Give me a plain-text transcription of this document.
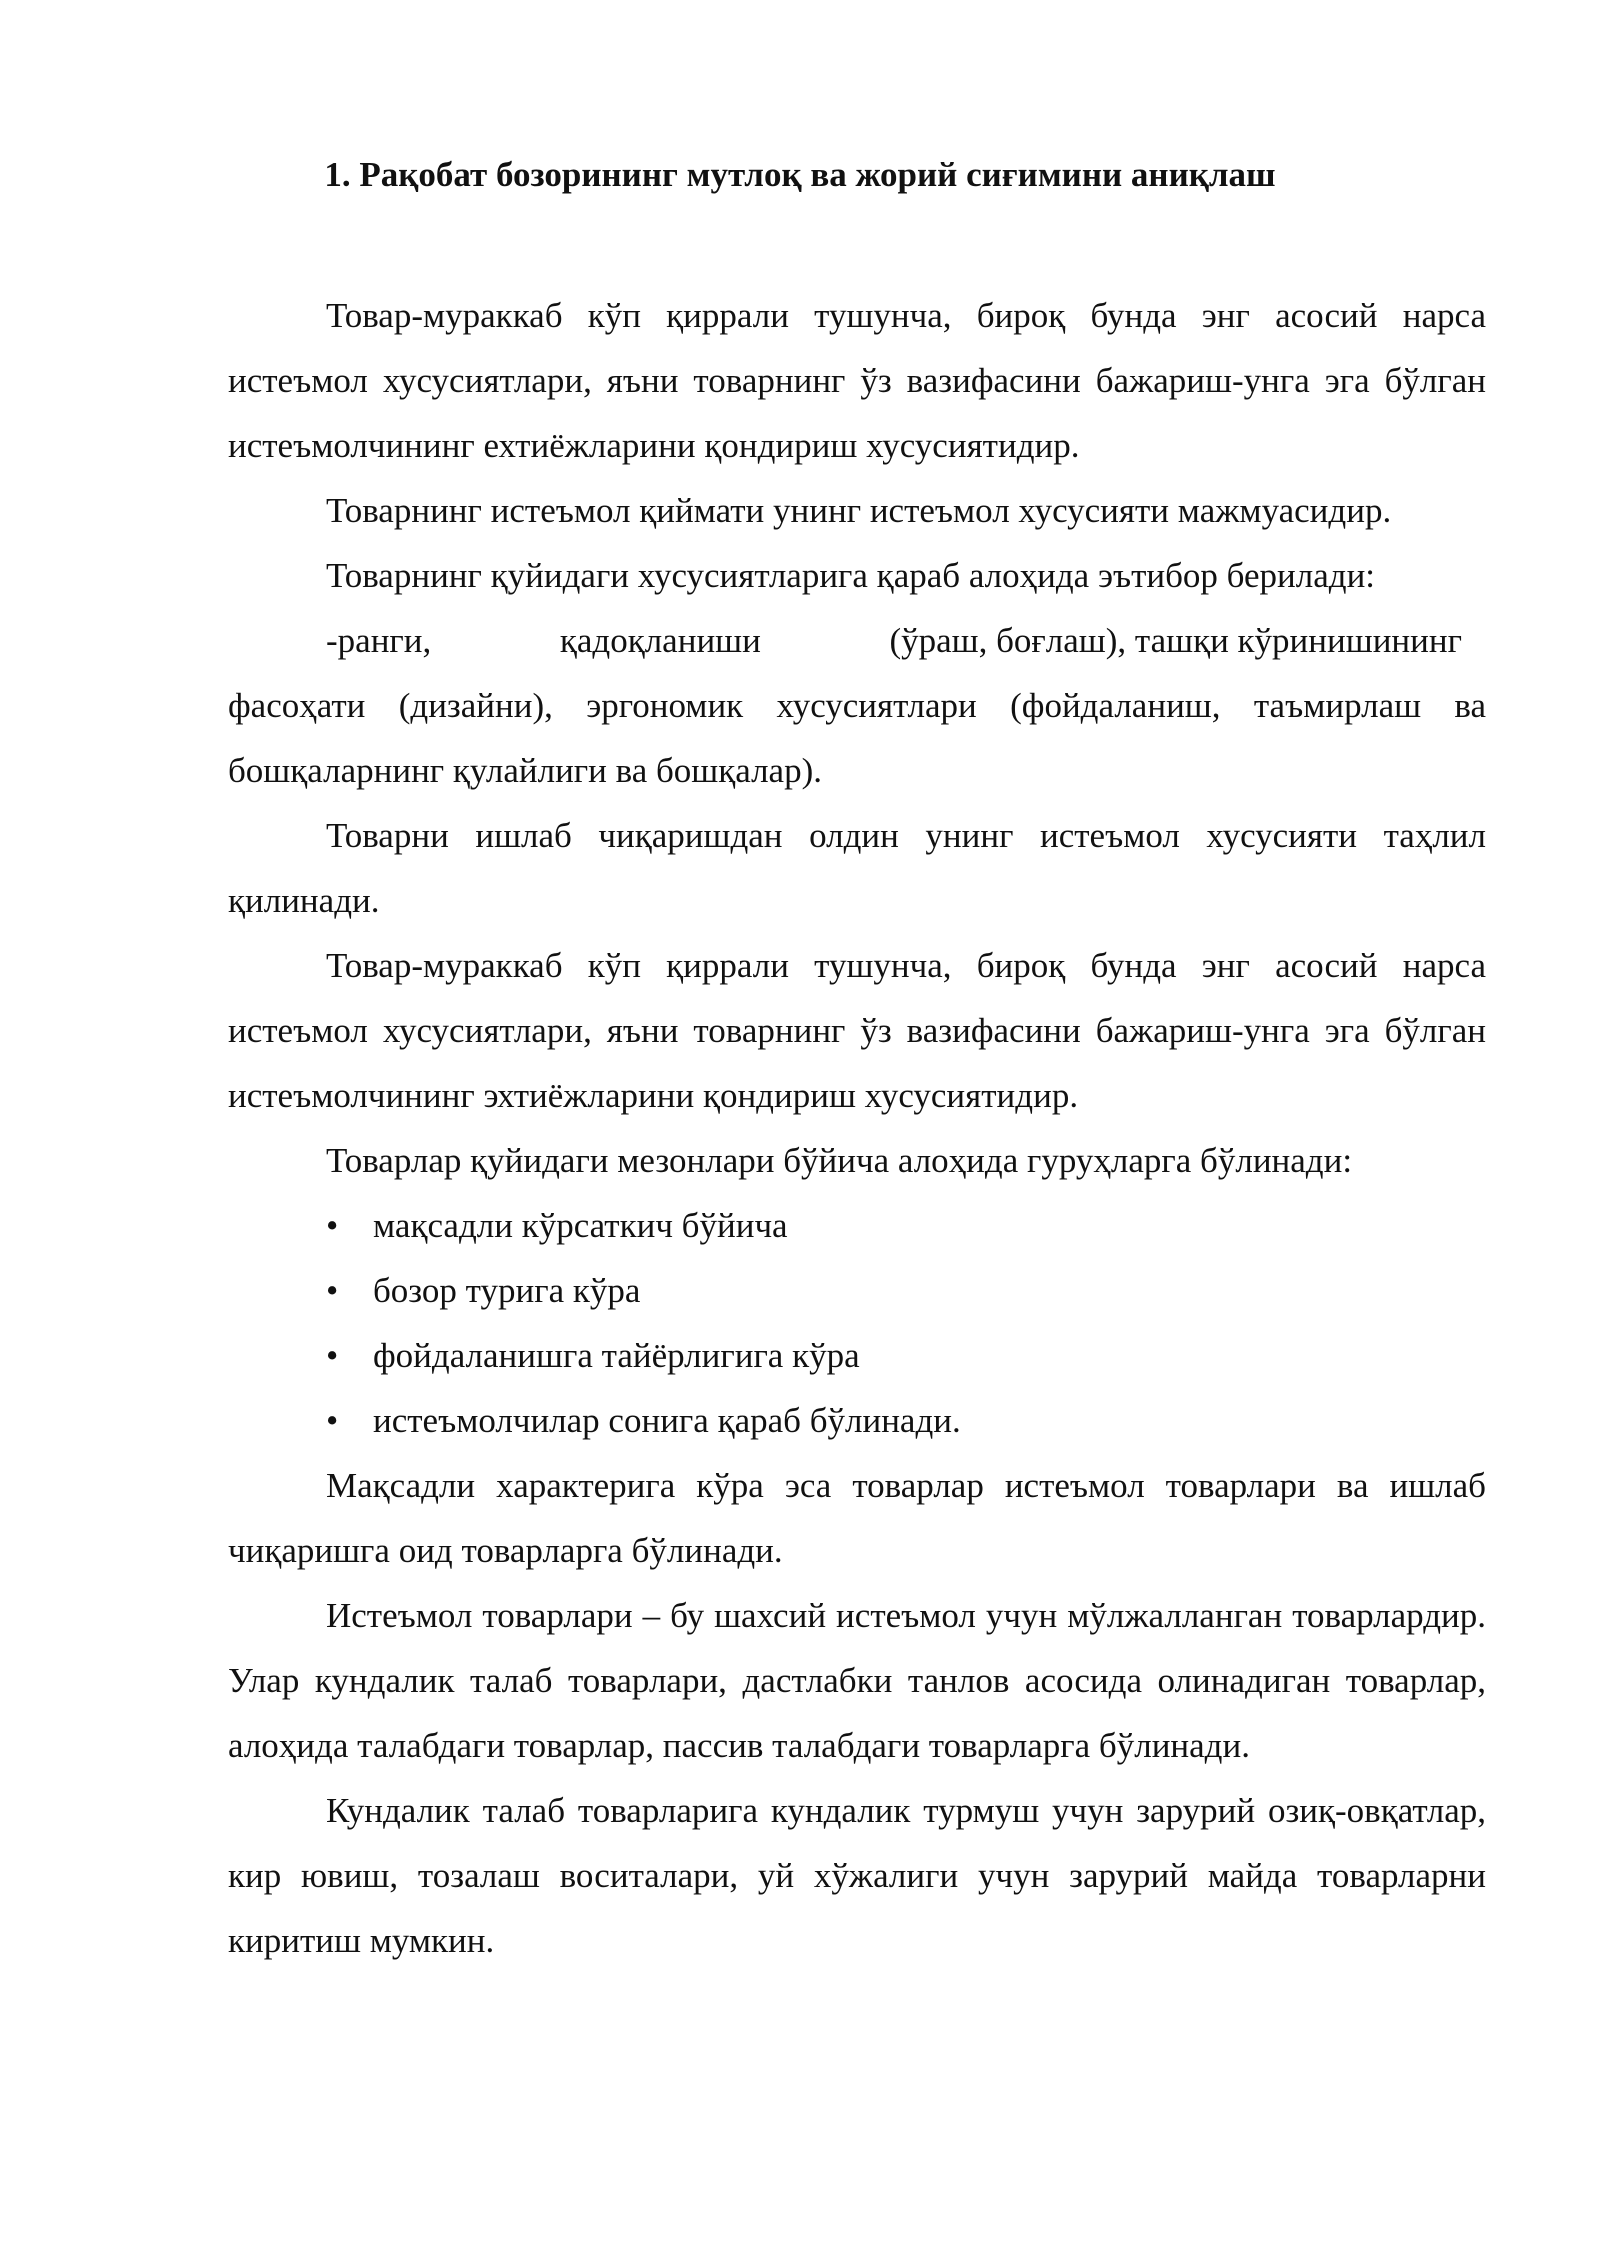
1. Рақобат бозорининг мутлоқ ва жорий сиғимини аниқлаш

Товар-мураккаб кўп қиррали тушунча, бироқ бунда энг асосий нарса истеъмол хусусиятлари, яъни товарнинг ўз вазифасини бажариш-унга эга бўлган истеъмолчининг ехтиёжларини қондириш хусусиятидир.

Товарнинг истеъмол қиймати унинг истеъмол хусусияти мажмуасидир.

Товарнинг қуйидаги хусусиятларига қараб алоҳида эътибор берилади:

-ранги,	қадоқланиши	(ўраш, боғлаш), ташқи кўринишининг

фасоҳати (дизайни), эргономик хусусиятлари (фойдаланиш, таъмирлаш ва бошқаларнинг қулайлиги ва бошқалар).

Товарни ишлаб чиқаришдан олдин унинг истеъмол хусусияти таҳлил қилинади.

Товар-мураккаб кўп қиррали тушунча, бироқ бунда энг асосий нарса истеъмол хусусиятлари, яъни товарнинг ўз вазифасини бажариш-унга эга бўлган истеъмолчининг эхтиёжларини қондириш хусусиятидир.

Товарлар қуйидаги мезонлари бўйича алоҳида гуруҳларга бўлинади:

• мақсадли кўрсаткич бўйича
• бозор турига кўра
• фойдаланишга тайёрлигига кўра
• истеъмолчилар сонига қараб бўлинади.

Мақсадли характерига кўра эса товарлар истеъмол товарлари ва ишлаб чиқаришга оид товарларга бўлинади.

Истеъмол товарлари – бу шахсий истеъмол учун мўлжалланган товарлардир. Улар кундалик талаб товарлари, дастлабки танлов асосида олинадиган товарлар, алоҳида талабдаги товарлар, пассив талабдаги товарларга бўлинади.

Кундалик талаб товарларига кундалик турмуш учун зарурий озиқ-овқатлар, кир ювиш, тозалаш воситалари, уй хўжалиги учун зарурий майда товарларни киритиш мумкин.
